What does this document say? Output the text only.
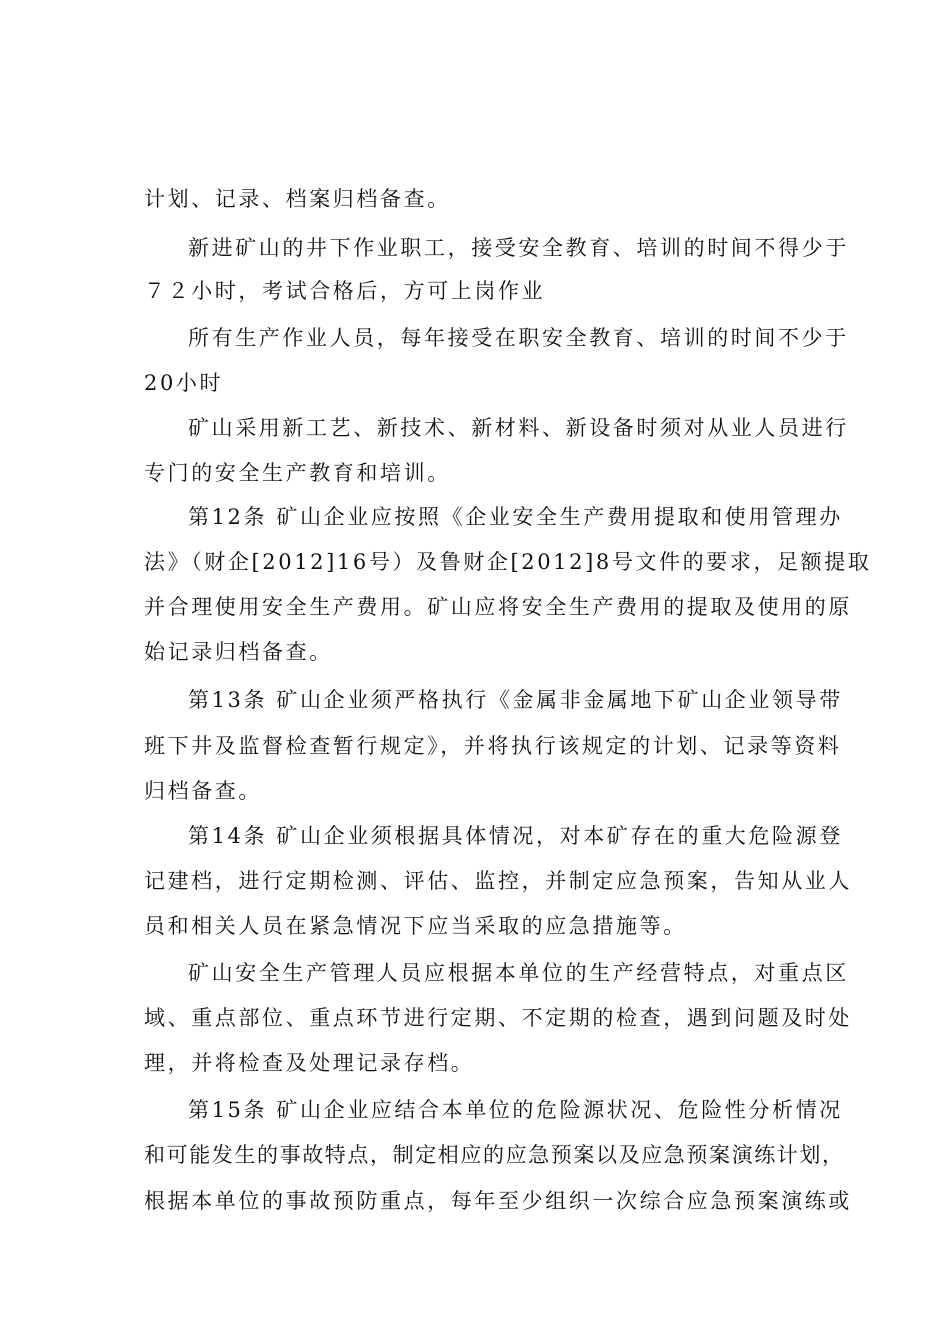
计划、记录、档案归档备查。
新进矿山的井下作业职工，接受安全教育、培训的时间不得少于
７２小时，考试合格后，方可上岗作业
所有生产作业人员，每年接受在职安全教育、培训的时间不少于
20小时
矿山采用新工艺、新技术、新材料、新设备时须对从业人员进行
专门的安全生产教育和培训。
第12条 矿山企业应按照《企业安全生产费用提取和使用管理办
法》（财企[2012]16号）及鲁财企[2012]8号文件的要求，足额提取
并合理使用安全生产费用。矿山应将安全生产费用的提取及使用的原
始记录归档备查。
第13条 矿山企业须严格执行《金属非金属地下矿山企业领导带
班下井及监督检查暂行规定》，并将执行该规定的计划、记录等资料
归档备查。
第14条 矿山企业须根据具体情况，对本矿存在的重大危险源登
记建档，进行定期检测、评估、监控，并制定应急预案，告知从业人
员和相关人员在紧急情况下应当采取的应急措施等。
矿山安全生产管理人员应根据本单位的生产经营特点，对重点区
域、重点部位、重点环节进行定期、不定期的检查，遇到问题及时处
理，并将检查及处理记录存档。
第15条 矿山企业应结合本单位的危险源状况、危险性分析情况
和可能发生的事故特点，制定相应的应急预案以及应急预案演练计划，
根据本单位的事故预防重点，每年至少组织一次综合应急预案演练或
